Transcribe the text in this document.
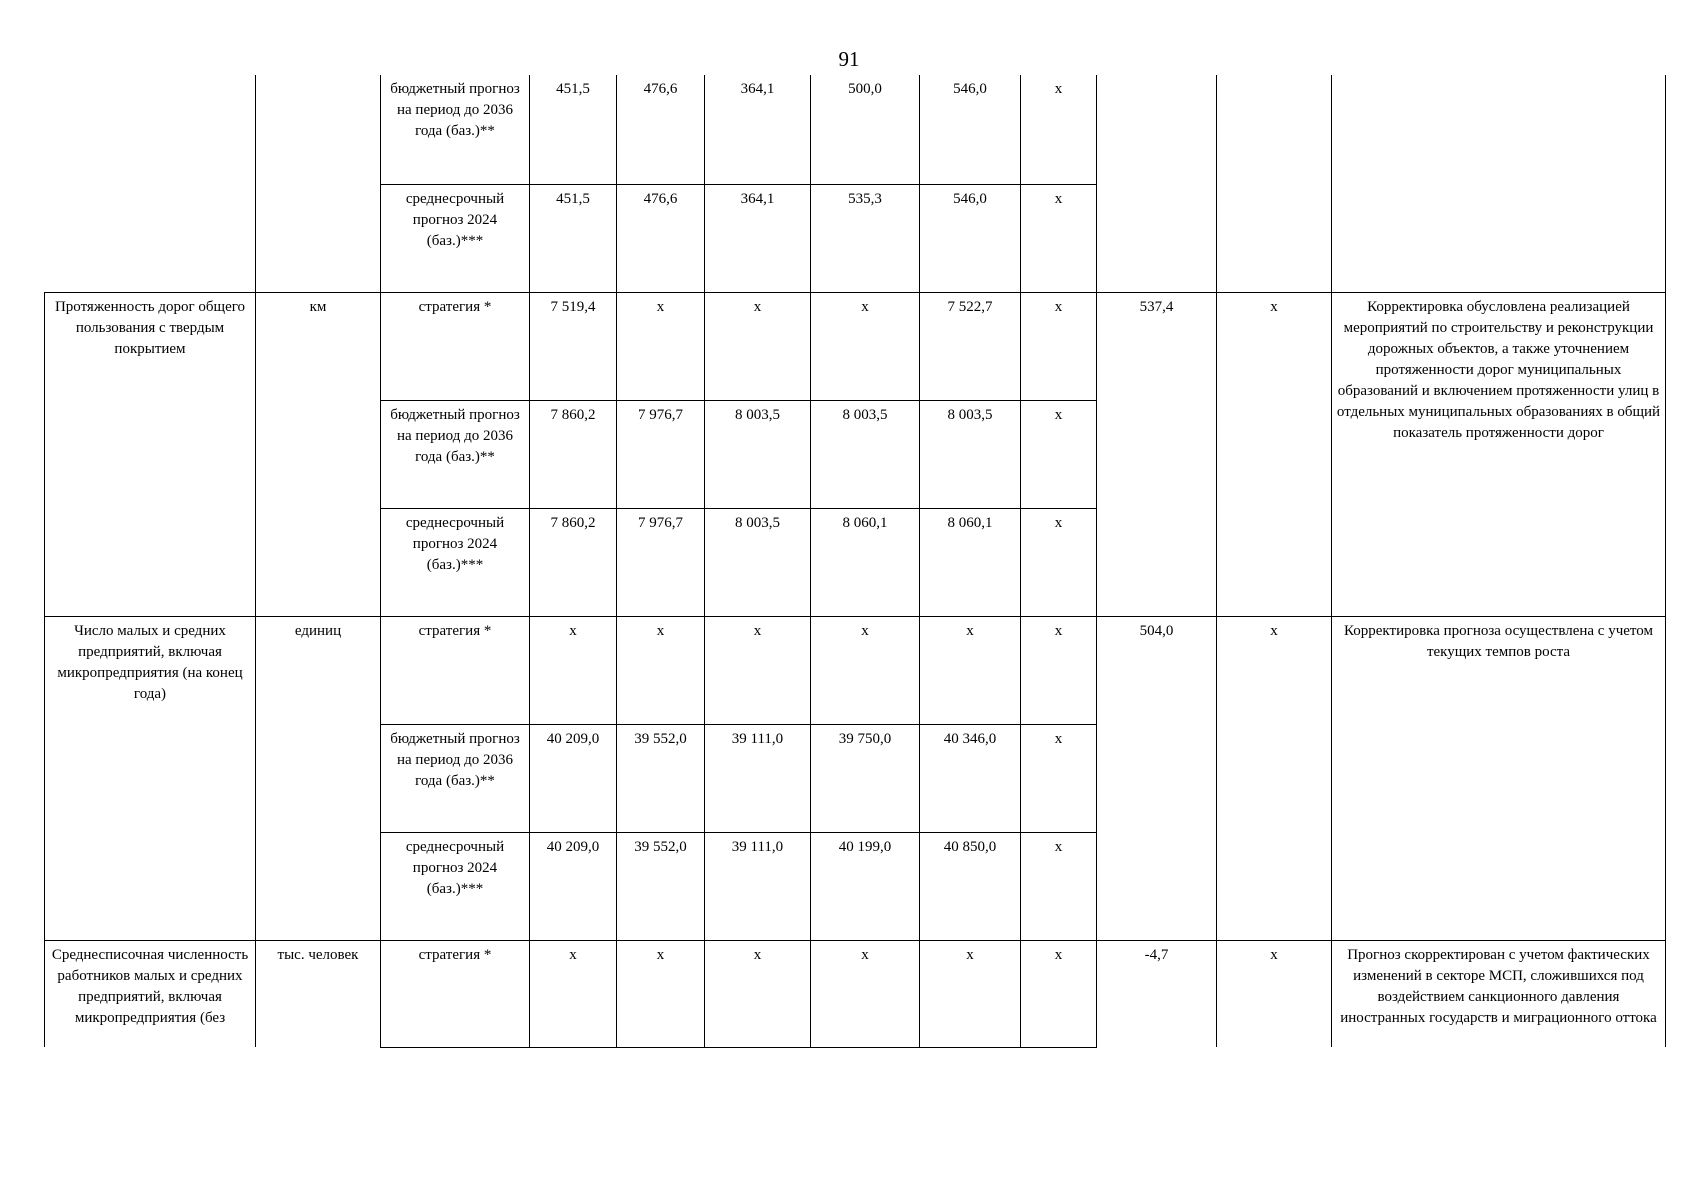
91
		бюджетный прогноз на период до 2036 года (баз.)**	451,5	476,6	364,1	500,0	546,0	x			
		среднесрочный прогноз 2024 (баз.)***	451,5	476,6	364,1	535,3	546,0	x			
Протяженность дорог общего пользования с твердым покрытием	км	стратегия *	7 519,4	x	x	x	7 522,7	x	537,4	x	Корректировка обусловлена реализацией мероприятий по строительству и реконструкции дорожных объектов, а также уточнением протяженности дорог муниципальных образований и включением протяженности улиц в отдельных муниципальных образованиях в общий показатель протяженности дорог
		бюджетный прогноз на период до 2036 года (баз.)**	7 860,2	7 976,7	8 003,5	8 003,5	8 003,5	x			
		среднесрочный прогноз 2024 (баз.)***	7 860,2	7 976,7	8 003,5	8 060,1	8 060,1	x			
Число малых и средних предприятий, включая микропредприятия (на конец года)	единиц	стратегия *	x	x	x	x	x	x	504,0	x	Корректировка прогноза осуществлена с учетом текущих темпов роста
		бюджетный прогноз на период до 2036 года (баз.)**	40 209,0	39 552,0	39 111,0	39 750,0	40 346,0	x			
		среднесрочный прогноз 2024 (баз.)***	40 209,0	39 552,0	39 111,0	40 199,0	40 850,0	x			
Среднесписочная численность работников малых и средних предприятий, включая микропредприятия (без	тыс. человек	стратегия *	x	x	x	x	x	x	-4,7	x	Прогноз скорректирован с учетом фактических изменений в секторе МСП, сложившихся под воздействием санкционного давления иностранных государств и миграционного оттока
